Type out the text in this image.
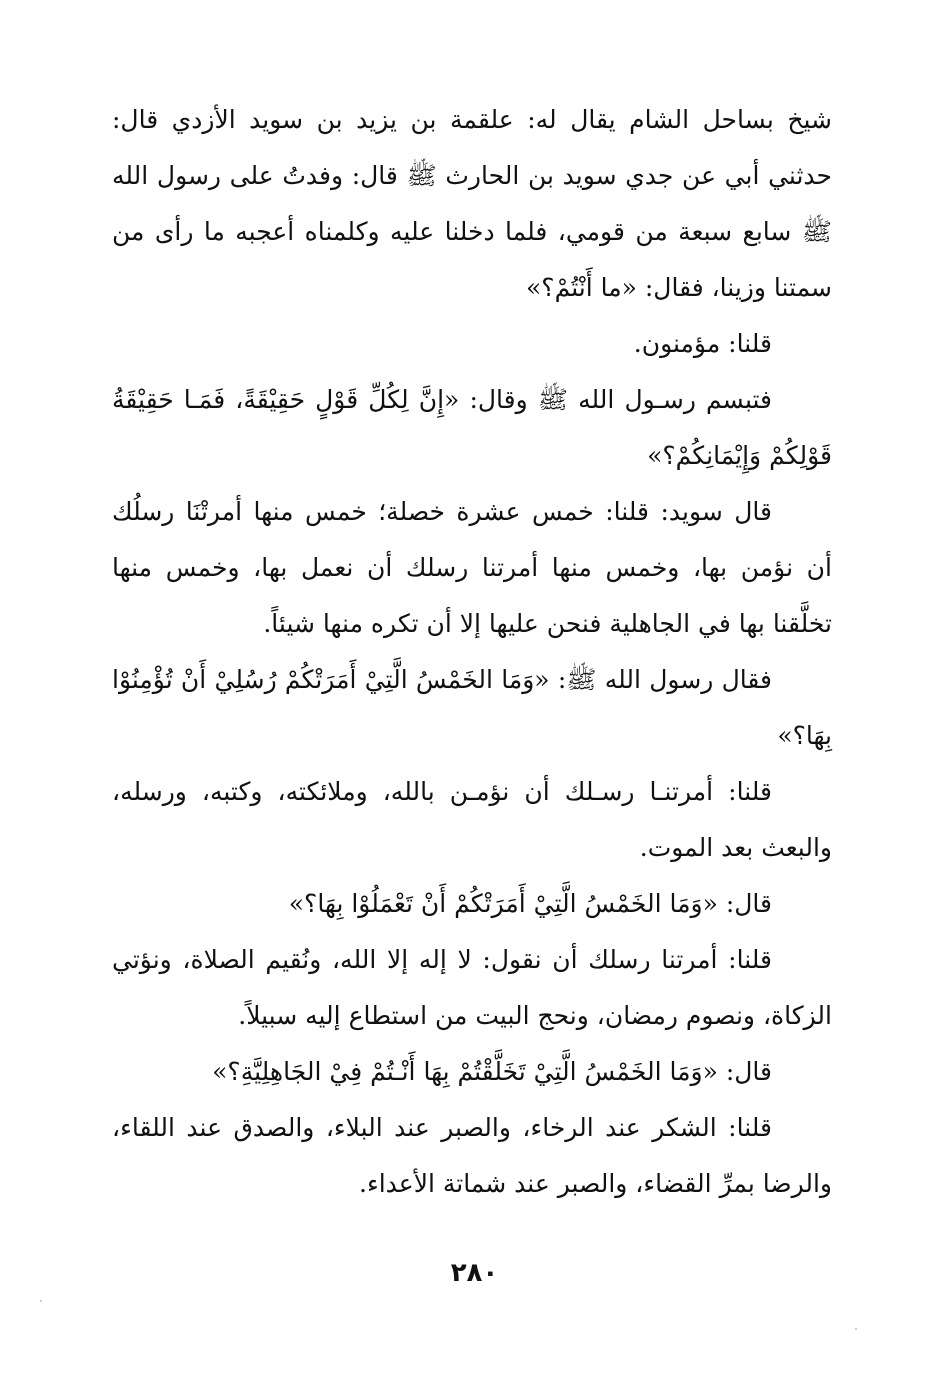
شيخ بساحل الشام يقال له: علقمة بن يزيد بن سويد الأزدي قال: حدثني أبي عن جدي سويد بن الحارث ﷺ قال: وفدتُ على رسول الله ﷺ سابع سبعة من قومي، فلما دخلنا عليه وكلمناه أعجبه ما رأى من سمتنا وزينا، فقال: «ما أَنْتُمْ؟»

قلنا: مؤمنون.

فتبسم رسـول الله ﷺ وقال: «إِنَّ لِكُلِّ قَوْلٍ حَقِيْقَةً، فَمَـا حَقِيْقَةُ قَوْلِكُمْ وَإِيْمَانِكُمْ؟»

قال سويد: قلنا: خمس عشرة خصلة؛ خمس منها أمرتْنَا رسلُك أن نؤمن بها، وخمس منها أمرتنا رسلك أن نعمل بها، وخمس منها تخلَّقنا بها في الجاهلية فنحن عليها إلا أن تكره منها شيئاً.

فقال رسول الله ﷺ: «وَمَا الخَمْسُ الَّتِيْ أَمَرَتْكُمْ رُسُلِيْ أَنْ تُؤْمِنُوْا بِهَا؟»

قلنا: أمرتنـا رسـلك أن نؤمـن بالله، وملائكته، وكتبه، ورسله، والبعث بعد الموت.

قال: «وَمَا الخَمْسُ الَّتِيْ أَمَرَتْكُمْ أَنْ تَعْمَلُوْا بِهَا؟»

قلنا: أمرتنا رسلك أن نقول: لا إله إلا الله، ونُقيم الصلاة، ونؤتي الزكاة، ونصوم رمضان، ونحج البيت من استطاع إليه سبيلاً.

قال: «وَمَا الخَمْسُ الَّتِيْ تَخَلَّقْتُمْ بِهَا أَنْـتُمْ فِيْ الجَاهِلِيَّةِ؟»

قلنا: الشكر عند الرخاء، والصبر عند البلاء، والصدق عند اللقاء، والرضا بمرِّ القضاء، والصبر عند شماتة الأعداء.

٢٨٠
